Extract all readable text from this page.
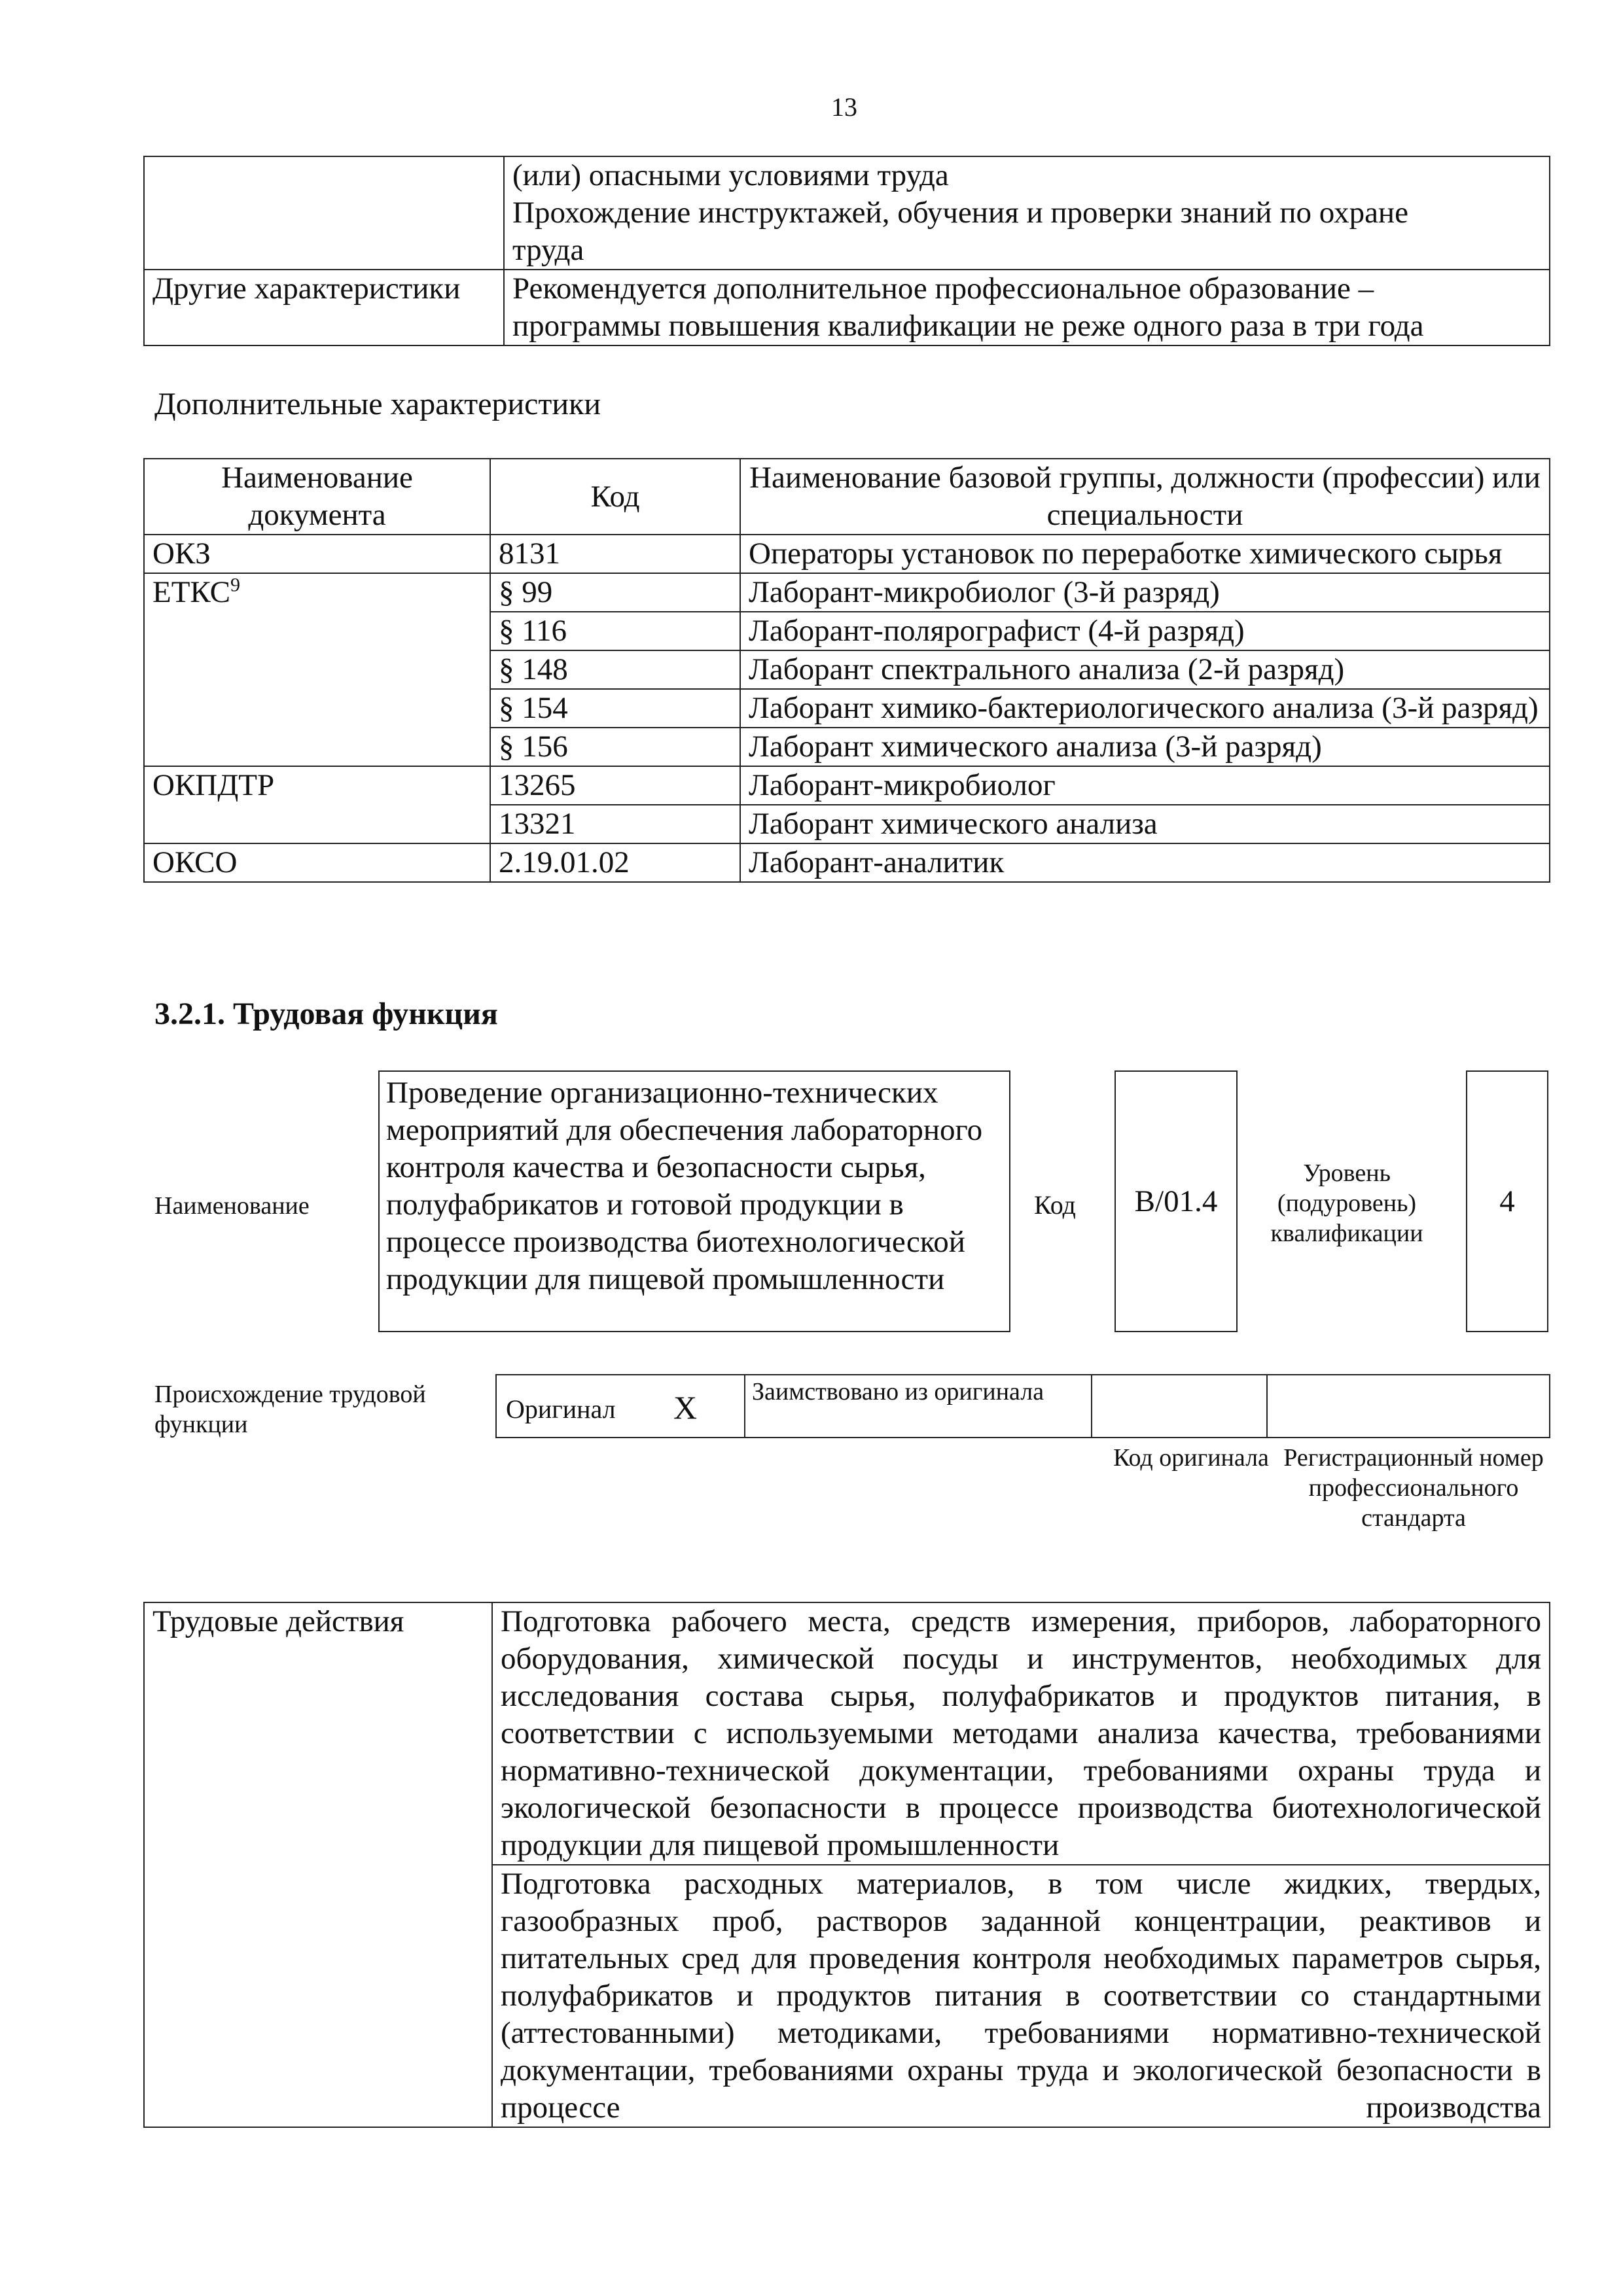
13

	(или) опасными условиями труда
Прохождение инструктажей, обучения и проверки знаний по охране
труда

Другие характеристики	Рекомендуется дополнительное профессиональное образование –
программы повышения квалификации не реже одного раза в три года
Дополнительные характеристики
Наименование документа	Код	Наименование базовой группы, должности (профессии) или специальности
ОКЗ	8131	Операторы установок по переработке химического сырья
ЕТКС$^9$	§ 99	Лаборант-микробиолог (3-й разряд)
	§ 116	Лаборант-полярографист (4-й разряд)
	§ 148	Лаборант спектрального анализа (2-й разряд)
	§ 154	Лаборант химико-бактериологического анализа (3-й разряд)
	§ 156	Лаборант химического анализа (3-й разряд)
ОКПДТР	13265	Лаборант-микробиолог
	13321	Лаборант химического анализа
ОКСО	2.19.01.02	Лаборант-аналитик
3.2.1. Трудовая функция
Наименование
Проведение организационно-технических мероприятий для обеспечения лабораторного контроля качества и безопасности сырья, полуфабрикатов и готовой продукции в процессе производства биотехнологической продукции для пищевой промышленности
Код B/01.4
Уровень (подуровень) квалификации
4
Происхождение трудовой функции
Оригинал X Заимствовано из оригинала
Код оригинала Регистрационный номер профессионального стандарта
Трудовые действия	Подготовка рабочего места, средств измерения, приборов, лабораторного оборудования, химической посуды и инструментов, необходимых для исследования состава сырья, полуфабрикатов и продуктов питания, в соответствии с используемыми методами анализа качества, требованиями нормативно-технической документации, требованиями охраны труда и экологической безопасности в процессе производства биотехнологической продукции для пищевой промышленности
Подготовка расходных материалов, в том числе жидких, твердых, газообразных проб, растворов заданной концентрации, реактивов и питательных сред для проведения контроля необходимых параметров сырья, полуфабрикатов и продуктов питания в соответствии со стандартными (аттестованными) методиками, требованиями нормативно-технической документации, требованиями охраны труда и экологической безопасности в процессе производства
